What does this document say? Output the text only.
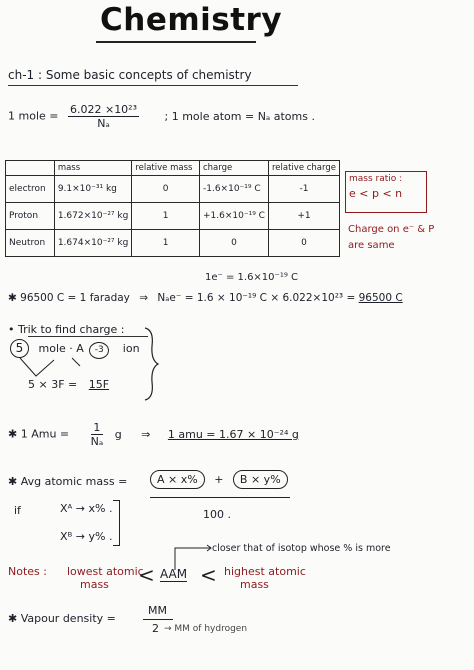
Chemistry
ch-1 : Some basic concepts of chemistry
1 mole = $\frac{\text{6.022 ×10²³}}{\text{Nₐ}}$ ; 1 mole atom = Nₐ atoms .
	mass	relative mass	charge	relative charge
electron	9.1×10⁻³¹ kg	0	-1.6×10⁻¹⁹ C	-1
Proton	1.672×10⁻²⁷ kg	1	+1.6×10⁻¹⁹ C	+1
Neutron	1.674×10⁻²⁷ kg	1	0	0
mass ratio :
e < p < n
Charge on e⁻ & P
are same
1e⁻ = 1.6×10⁻¹⁹ C
✱ 96500 C = 1 faraday ⇒ Nₐe⁻ = 1.6 × 10⁻¹⁹ C × 6.022×10²³ = 96500 C
• Trik to find charge :
5 mole · A -3 ion
5 × 3F = 15F
✱ 1 Amu = $\frac{1}{\text{Nₐ}}$ g ⇒ 1 amu = 1.67 × 10⁻²⁴ g
✱ Avg atomic mass =	A × x% + B × y%
100 .
if	Xᴬ → x% .
Xᴮ → y% .
closer that of isotop whose % is more
Notes : lowest atomic
mass < AAM < highest atomic
mass
✱ Vapour density =
MM
2 → MM of hydrogen
